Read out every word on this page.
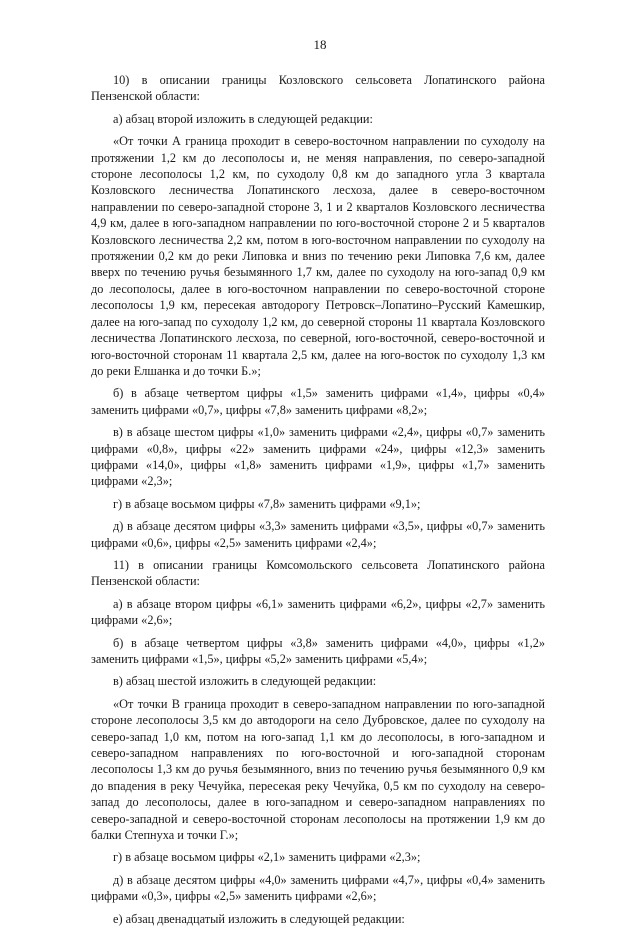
18

10) в описании границы Козловского сельсовета Лопатинского района Пензенской области:

а) абзац второй изложить в следующей редакции:

«От точки А граница проходит в северо-восточном направлении по суходолу на протяжении 1,2 км до лесополосы и, не меняя направления, по северо-западной стороне лесополосы 1,2 км, по суходолу 0,8 км до западного угла 3 квартала Козловского лесничества Лопатинского лесхоза, далее в северо-восточном направлении по северо-западной стороне 3, 1 и 2 кварталов Козловского лесничества 4,9 км, далее в юго-западном направлении по юго-восточной стороне 2 и 5 кварталов Козловского лесничества 2,2 км, потом в юго-восточном направлении по суходолу на протяжении 0,2 км до реки Липовка и вниз по течению реки Липовка 7,6 км, далее вверх по течению ручья безымянного 1,7 км, далее по суходолу на юго-запад 0,9 км до лесополосы, далее в юго-восточном направлении по северо-восточной стороне лесополосы 1,9 км, пересекая автодорогу Петровск–Лопатино–Русский Камешкир, далее на юго-запад по суходолу 1,2 км, до северной стороны 11 квартала Козловского лесничества Лопатинского лесхоза, по северной, юго-восточной, северо-восточной и юго-восточной сторонам 11 квартала 2,5 км, далее на юго-восток по суходолу 1,3 км до реки Елшанка и до точки Б.»;

б) в абзаце четвертом цифры «1,5» заменить цифрами «1,4», цифры «0,4» заменить цифрами «0,7», цифры «7,8» заменить цифрами «8,2»;

в) в абзаце шестом цифры «1,0» заменить цифрами «2,4», цифры «0,7» заменить цифрами «0,8», цифры «22» заменить цифрами «24», цифры «12,3» заменить цифрами «14,0», цифры «1,8» заменить цифрами «1,9», цифры «1,7» заменить цифрами «2,3»;

г) в абзаце восьмом цифры «7,8» заменить цифрами «9,1»;

д) в абзаце десятом цифры «3,3» заменить цифрами «3,5», цифры «0,7» заменить цифрами «0,6», цифры «2,5» заменить цифрами «2,4»;

11) в описании границы Комсомольского сельсовета Лопатинского района Пензенской области:

а) в абзаце втором цифры «6,1» заменить цифрами «6,2», цифры «2,7» заменить цифрами «2,6»;

б) в абзаце четвертом цифры «3,8» заменить цифрами «4,0», цифры «1,2» заменить цифрами «1,5», цифры «5,2» заменить цифрами «5,4»;

в) абзац шестой изложить в следующей редакции:

«От точки В граница проходит в северо-западном направлении по юго-западной стороне лесополосы 3,5 км до автодороги на село Дубровское, далее по суходолу на северо-запад 1,0 км, потом на юго-запад 1,1 км до лесополосы, в юго-западном и северо-западном направлениях по юго-восточной и юго-западной сторонам лесополосы 1,3 км до ручья безымянного, вниз по течению ручья безымянного 0,9 км до впадения в реку Чечуйка, пересекая реку Чечуйка, 0,5 км по суходолу на северо-запад до лесополосы, далее в юго-западном и северо-западном направлениях по северо-западной и северо-восточной сторонам лесополосы на протяжении 1,9 км до балки Степнуха и точки Г.»;

г) в абзаце восьмом цифры «2,1» заменить цифрами «2,3»;

д) в абзаце десятом цифры «4,0» заменить цифрами «4,7», цифры «0,4» заменить цифрами «0,3», цифры «2,5» заменить цифрами «2,6»;

е) абзац двенадцатый изложить в следующей редакции:
